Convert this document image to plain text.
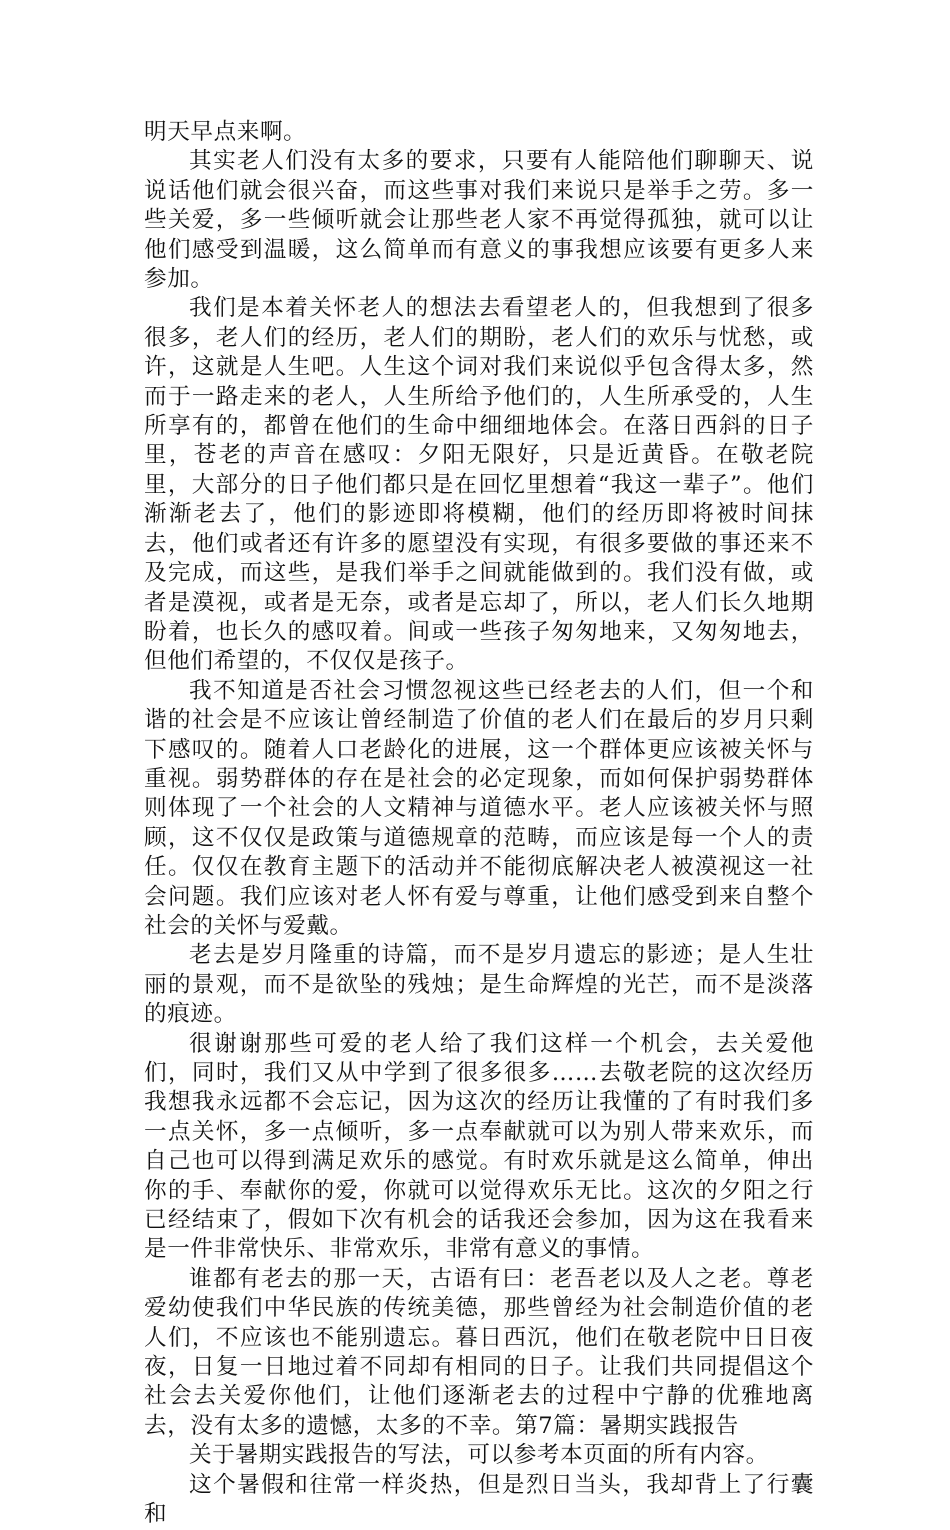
明天早点来啊。

其实老人们没有太多的要求，只要有人能陪他们聊聊天、说说话他们就会很兴奋，而这些事对我们来说只是举手之劳。多一些关爱，多一些倾听就会让那些老人家不再觉得孤独，就可以让他们感受到温暖，这么简单而有意义的事我想应该要有更多人来参加。

我们是本着关怀老人的想法去看望老人的，但我想到了很多很多，老人们的经历，老人们的期盼，老人们的欢乐与忧愁，或许，这就是人生吧。人生这个词对我们来说似乎包含得太多，然而于一路走来的老人，人生所给予他们的，人生所承受的，人生所享有的，都曾在他们的生命中细细地体会。在落日西斜的日子里，苍老的声音在感叹：夕阳无限好，只是近黄昏。在敬老院里，大部分的日子他们都只是在回忆里想着“我这一辈子”。他们渐渐老去了，他们的影迹即将模糊，他们的经历即将被时间抹去，他们或者还有许多的愿望没有实现，有很多要做的事还来不及完成，而这些，是我们举手之间就能做到的。我们没有做，或者是漠视，或者是无奈，或者是忘却了，所以，老人们长久地期盼着，也长久的感叹着。间或一些孩子匆匆地来，又匆匆地去，但他们希望的，不仅仅是孩子。

我不知道是否社会习惯忽视这些已经老去的人们，但一个和谐的社会是不应该让曾经制造了价值的老人们在最后的岁月只剩下感叹的。随着人口老龄化的进展，这一个群体更应该被关怀与重视。弱势群体的存在是社会的必定现象，而如何保护弱势群体则体现了一个社会的人文精神与道德水平。老人应该被关怀与照顾，这不仅仅是政策与道德规章的范畴，而应该是每一个人的责任。仅仅在教育主题下的活动并不能彻底解决老人被漠视这一社会问题。我们应该对老人怀有爱与尊重，让他们感受到来自整个社会的关怀与爱戴。

老去是岁月隆重的诗篇，而不是岁月遗忘的影迹；是人生壮丽的景观，而不是欲坠的残烛；是生命辉煌的光芒，而不是淡落的痕迹。

很谢谢那些可爱的老人给了我们这样一个机会，去关爱他们，同时，我们又从中学到了很多很多……去敬老院的这次经历我想我永远都不会忘记，因为这次的经历让我懂的了有时我们多一点关怀，多一点倾听，多一点奉献就可以为别人带来欢乐，而自己也可以得到满足欢乐的感觉。有时欢乐就是这么简单，伸出你的手、奉献你的爱，你就可以觉得欢乐无比。这次的夕阳之行已经结束了，假如下次有机会的话我还会参加，因为这在我看来是一件非常快乐、非常欢乐，非常有意义的事情。

谁都有老去的那一天，古语有曰：老吾老以及人之老。尊老爱幼使我们中华民族的传统美德，那些曾经为社会制造价值的老人们，不应该也不能别遗忘。暮日西沉，他们在敬老院中日日夜夜，日复一日地过着不同却有相同的日子。让我们共同提倡这个社会去关爱你他们，让他们逐渐老去的过程中宁静的优雅地离去，没有太多的遗憾，太多的不幸。第7篇：暑期实践报告

关于暑期实践报告的写法，可以参考本页面的所有内容。

这个暑假和往常一样炎热，但是烈日当头，我却背上了行囊和
